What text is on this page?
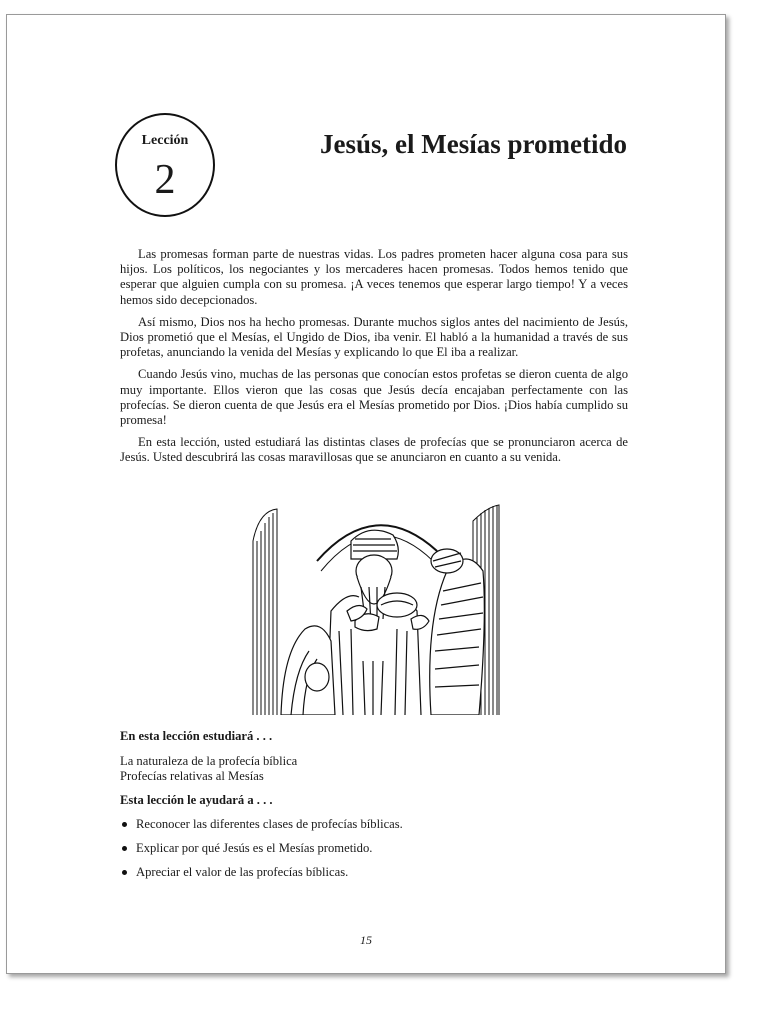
Lección
2
Jesús, el Mesías prometido

Las promesas forman parte de nuestras vidas. Los padres prometen hacer alguna cosa para sus hijos. Los políticos, los negociantes y los mercaderes hacen promesas. Todos hemos tenido que esperar que alguien cumpla con su promesa. ¡A veces tenemos que esperar largo tiempo! Y a veces hemos sido decepcionados.

Así mismo, Dios nos ha hecho promesas. Durante muchos siglos antes del nacimiento de Jesús, Dios prometió que el Mesías, el Ungido de Dios, iba venir. El habló a la humanidad a través de sus profetas, anunciando la venida del Mesías y explicando lo que El iba a realizar.

Cuando Jesús vino, muchas de las personas que conocían estos profetas se dieron cuenta de algo muy importante. Ellos vieron que las cosas que Jesús decía encajaban perfectamente con las profecías. Se dieron cuenta de que Jesús era el Mesías prometido por Dios. ¡Dios había cumplido su promesa!

En esta lección, usted estudiará las distintas clases de profecías que se pronunciaron acerca de Jesús. Usted descubrirá las cosas maravillosas que se anunciaron en cuanto a su venida.

En esta lección estudiará . . .

La naturaleza de la profecía bíblica

Profecías relativas al Mesías

Esta lección le ayudará a . . .

Reconocer las diferentes clases de profecías bíblicas.
Explicar por qué Jesús es el Mesías prometido.
Apreciar el valor de las profecías bíblicas.
15
